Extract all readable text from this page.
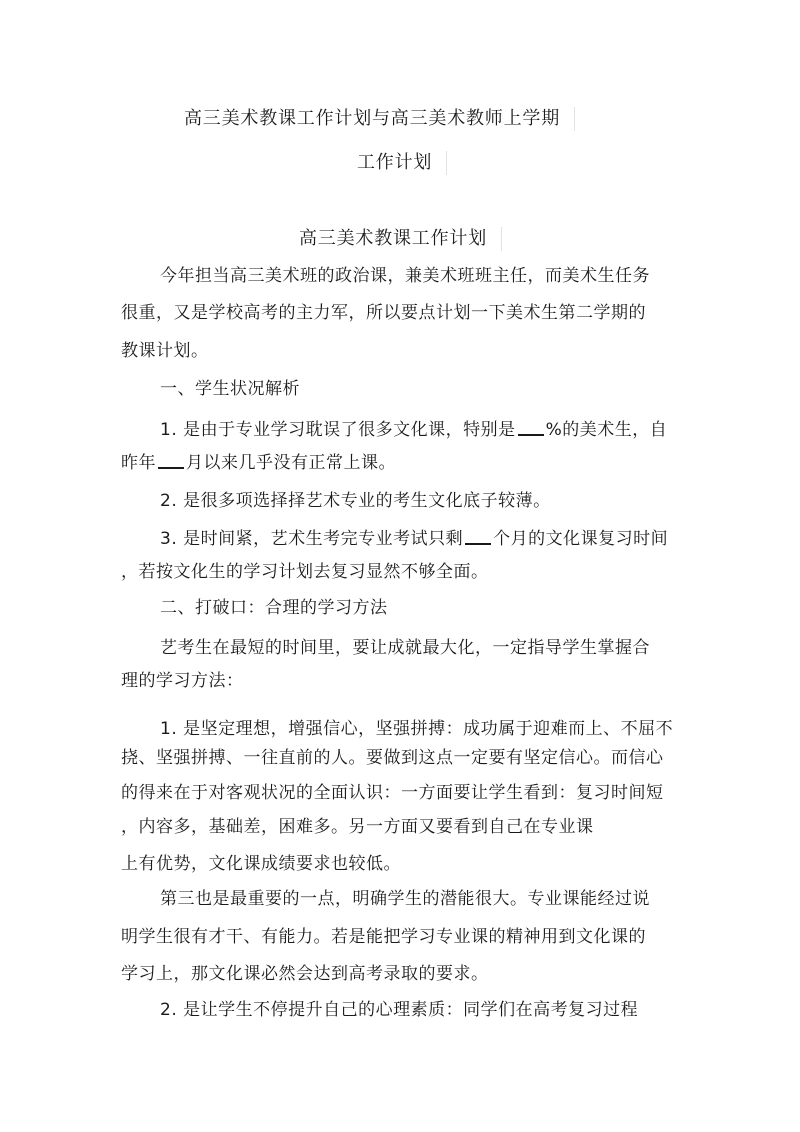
高三美术教课工作计划与高三美术教师上学期
工作计划
高三美术教课工作计划
今年担当高三美术班的政治课，兼美术班班主任，而美术生任务
很重，又是学校高考的主力军，所以要点计划一下美术生第二学期的
教课计划。
一、学生状况解析
1. 是由于专业学习耽误了很多文化课，特别是 %的美术生，自
昨年 月以来几乎没有正常上课。
2. 是很多项选择择艺术专业的考生文化底子较薄。
3. 是时间紧，艺术生考完专业考试只剩 个月的文化课复习时间
，若按文化生的学习计划去复习显然不够全面。
二、打破口：合理的学习方法
艺考生在最短的时间里，要让成就最大化，一定指导学生掌握合
理的学习方法：
1. 是坚定理想，增强信心，坚强拼搏：成功属于迎难而上、不屈不
挠、坚强拼搏、一往直前的人。要做到这点一定要有坚定信心。而信心
的得来在于对客观状况的全面认识：一方面要让学生看到：复习时间短
，内容多，基础差，困难多。另一方面又要看到自己在专业课
上有优势，文化课成绩要求也较低。
第三也是最重要的一点，明确学生的潜能很大。专业课能经过说
明学生很有才干、有能力。若是能把学习专业课的精神用到文化课的
学习上，那文化课必然会达到高考录取的要求。
2. 是让学生不停提升自己的心理素质：同学们在高考复习过程
